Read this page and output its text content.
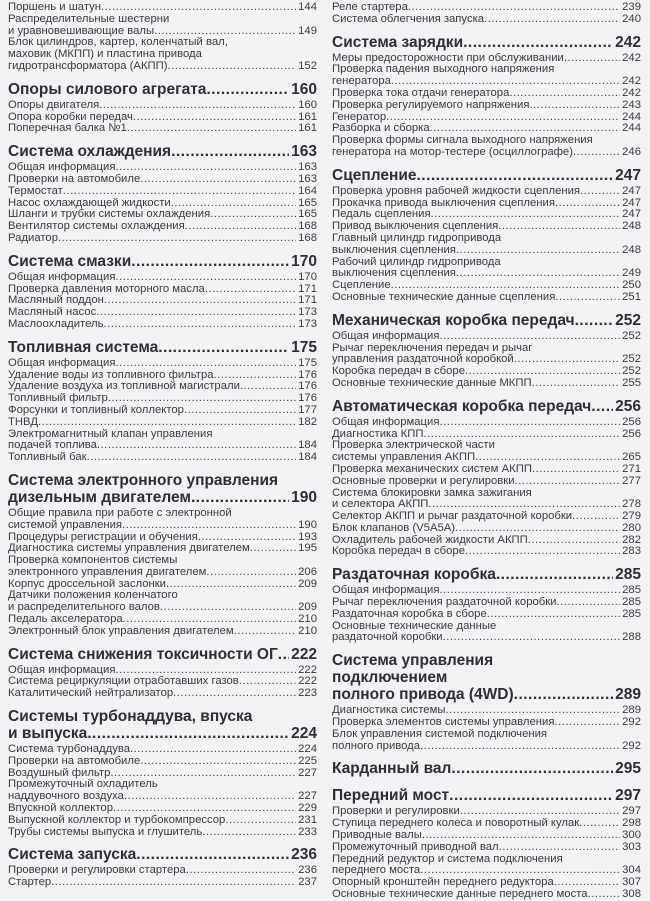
Поршень и шатун .....	144
Распределительные шестерни
и уравновешивающие валы .....	149
Блок цилиндров, картер, коленчатый вал,
маховик (МКПП) и пластина привода
гидротрансформатора (АКПП) .....	152
Опоры силового агрегата .....	160
Опоры двигателя .....	160
Опора коробки передач .....	161
Поперечная балка №1 .....	161
Система охлаждения .....	163
Общая информация .....	163
Проверки на автомобиле .....	163
Термостат .....	164
Насос охлаждающей жидкости .....	165
Шланги и трубки системы охлаждения .....	165
Вентилятор системы охлаждения .....	168
Радиатор .....	168
Система смазки .....	170
Общая информация .....	170
Проверка давления моторного масла .....	171
Масляный поддон .....	171
Масляный насос .....	173
Маслоохладитель .....	173
Топливная система .....	175
Общая информация .....	175
Удаление воды из топливного фильтра .....	176
Удаление воздуха из топливной магистрали .....	176
Топливный фильтр .....	176
Форсунки и топливный коллектор .....	177
ТНВД .....	182
Электромагнитный клапан управления
подачей топлива .....	184
Топливный бак .....	184
Система электронного управления
дизельным двигателем .....	190
Общие правила при работе с электронной
системой управления .....	190
Процедуры регистрации и обучения .....	193
Диагностика системы управления двигателем .....	195
Проверка компонентов системы
электронного управления двигателем .....	206
Корпус дроссельной заслонки .....	209
Датчики положения коленчатого
и распределительного валов .....	209
Педаль акселератора .....	210
Электронный блок управления двигателем .....	210
Система снижения токсичности ОГ ..... 222
Общая информация .....	222
Система рециркуляции отработавших газов .....	222
Каталитический нейтрализатор .....	223
Системы турбонаддува, впуска
и выпуска .....	224
Система турбонаддува .....	224
Проверки на автомобиле .....	225
Воздушный фильтр .....	227
Промежуточный охладитель
наддувочного воздуха .....	227
Впускной коллектор .....	229
Выпускной коллектор и турбокомпрессор .....	231
Трубы системы выпуска и глушитель .....	233
Система запуска .....	236
Проверки и регулировки стартера .....	236
Стартер .....	237
Реле стартера .....	239
Система облегчения запуска .....	240
Система зарядки .....	242
Меры предосторожности при обслуживании .....	242
Проверка падения выходного напряжения
генератора .....	242
Проверка тока отдачи генератора .....	242
Проверка регулируемого напряжения .....	243
Генератор .....	244
Разборка и сборка .....	244
Проверка формы сигнала выходного напряжения
генератора на мотор-тестере (осциллографе) .....	246
Сцепление .....	247
Проверка уровня рабочей жидкости сцепления .....	247
Прокачка привода выключения сцепления .....	247
Педаль сцепления .....	247
Привод выключения сцепления .....	248
Главный цилиндр гидропривода
выключения сцепления .....	248
Рабочий цилиндр гидропривода
выключения сцепления .....	249
Сцепление .....	250
Основные технические данные сцепления .....	251
Механическая коробка передач .....	252
Общая информация .....	252
Рычаг переключения передач и рычаг
управления раздаточной коробкой .....	252
Коробка передач в сборе .....	252
Основные технические данные МКПП .....	255
Автоматическая коробка передач ..... 256
Общая информация .....	256
Диагностика КПП .....	256
Проверка электрической части
системы управления АКПП .....	265
Проверка механических систем АКПП .....	271
Основные проверки и регулировки .....	277
Система блокировки замка зажигания
и селектора АКПП .....	278
Селектор АКПП и рычаг раздаточной коробки .....	279
Блок клапанов (V5A5A) .....	280
Охладитель рабочей жидкости АКПП .....	282
Коробка передач в сборе .....	283
Раздаточная коробка .....	285
Общая информация .....	285
Рычаг переключения раздаточной коробки .....	285
Раздаточная коробка в сборе .....	285
Основные технические данные
раздаточной коробки .....	288
Система управления подключением
полного привода (4WD) .....	289
Диагностика системы .....	289
Проверка элементов системы управления .....	292
Блок управления системой подключения
полного привода .....	292
Карданный вал .....	295
Передний мост .....	297
Проверки и регулировки .....	297
Ступица переднего колеса и поворотный кулак .....	298
Приводные валы .....	300
Промежуточный приводной вал .....	303
Передний редуктор и система подключения
переднего моста .....	304
Опорный кронштейн переднего редуктора .....	307
Основные технические данные переднего моста .....	308
